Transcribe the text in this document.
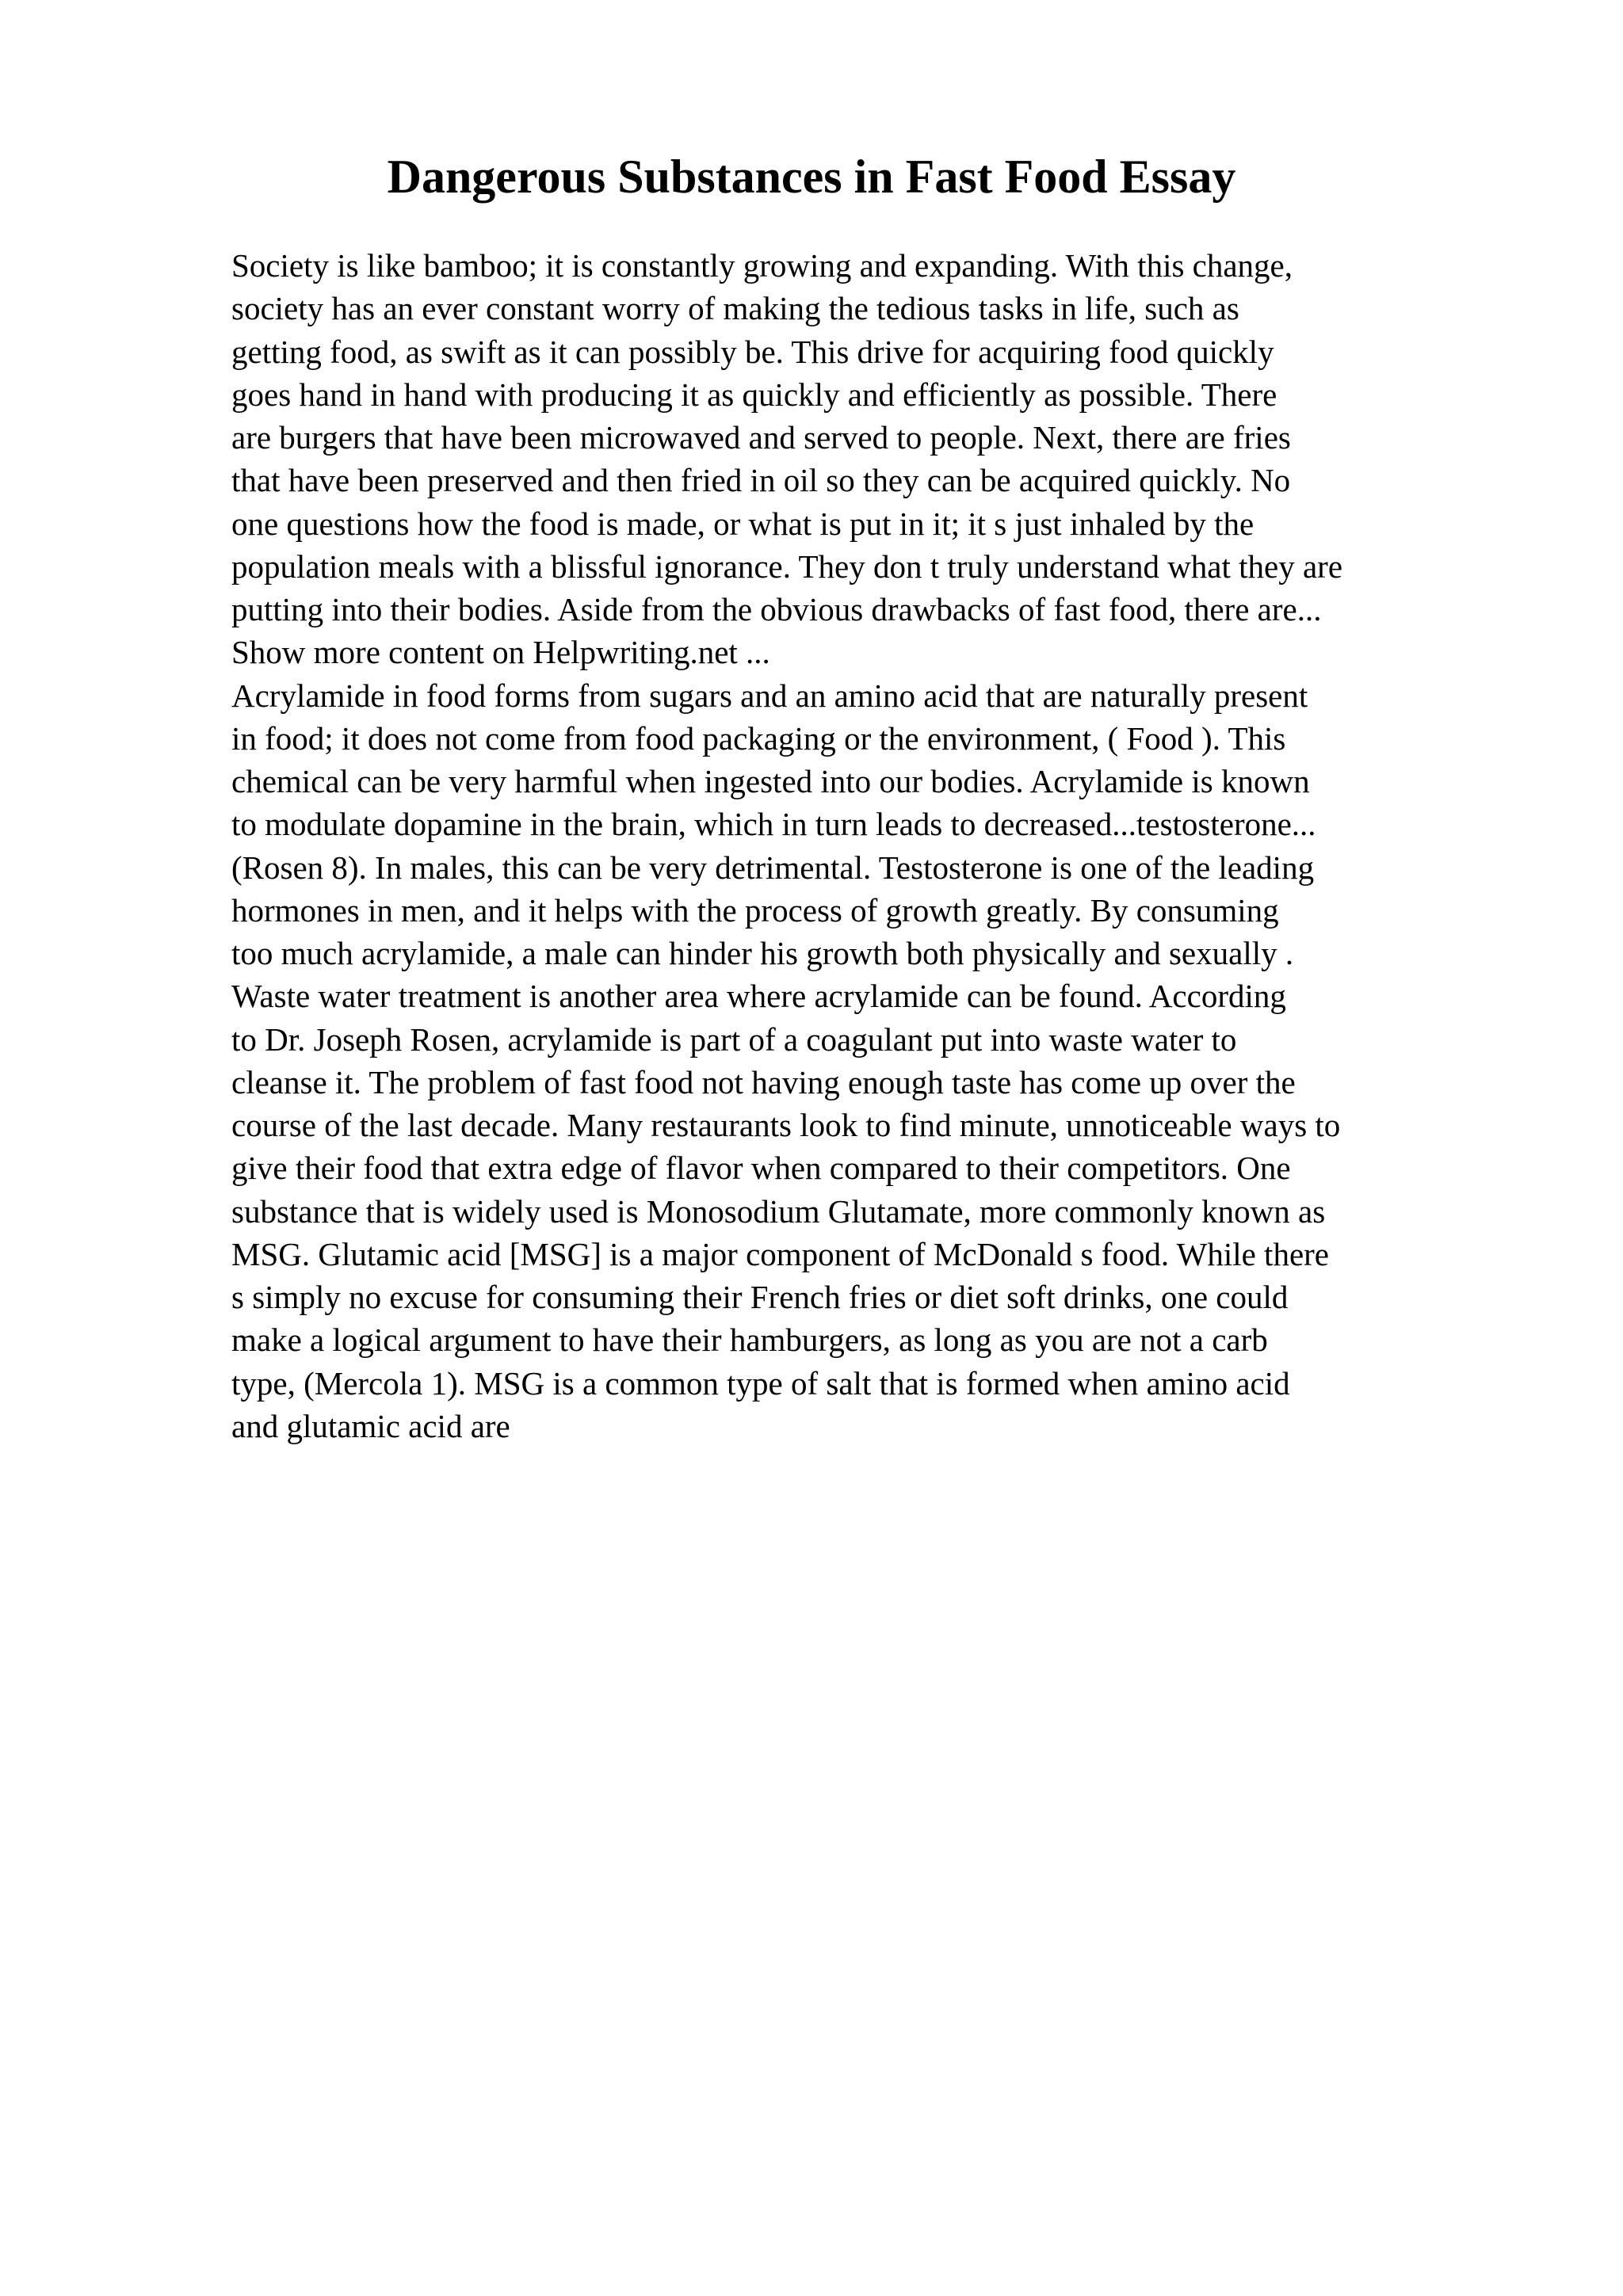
Dangerous Substances in Fast Food Essay
Society is like bamboo; it is constantly growing and expanding. With this change,
society has an ever constant worry of making the tedious tasks in life, such as
getting food, as swift as it can possibly be. This drive for acquiring food quickly
goes hand in hand with producing it as quickly and efficiently as possible. There
are burgers that have been microwaved and served to people. Next, there are fries
that have been preserved and then fried in oil so they can be acquired quickly. No
one questions how the food is made, or what is put in it; it s just inhaled by the
population meals with a blissful ignorance. They don t truly understand what they are
putting into their bodies. Aside from the obvious drawbacks of fast food, there are...
Show more content on Helpwriting.net ...
Acrylamide in food forms from sugars and an amino acid that are naturally present
in food; it does not come from food packaging or the environment, ( Food ). This
chemical can be very harmful when ingested into our bodies. Acrylamide is known
to modulate dopamine in the brain, which in turn leads to decreased...testosterone...
(Rosen 8). In males, this can be very detrimental. Testosterone is one of the leading
hormones in men, and it helps with the process of growth greatly. By consuming
too much acrylamide, a male can hinder his growth both physically and sexually .
Waste water treatment is another area where acrylamide can be found. According
to Dr. Joseph Rosen, acrylamide is part of a coagulant put into waste water to
cleanse it. The problem of fast food not having enough taste has come up over the
course of the last decade. Many restaurants look to find minute, unnoticeable ways to
give their food that extra edge of flavor when compared to their competitors. One
substance that is widely used is Monosodium Glutamate, more commonly known as
MSG. Glutamic acid [MSG] is a major component of McDonald s food. While there
s simply no excuse for consuming their French fries or diet soft drinks, one could
make a logical argument to have their hamburgers, as long as you are not a carb
type, (Mercola 1). MSG is a common type of salt that is formed when amino acid
and glutamic acid are
